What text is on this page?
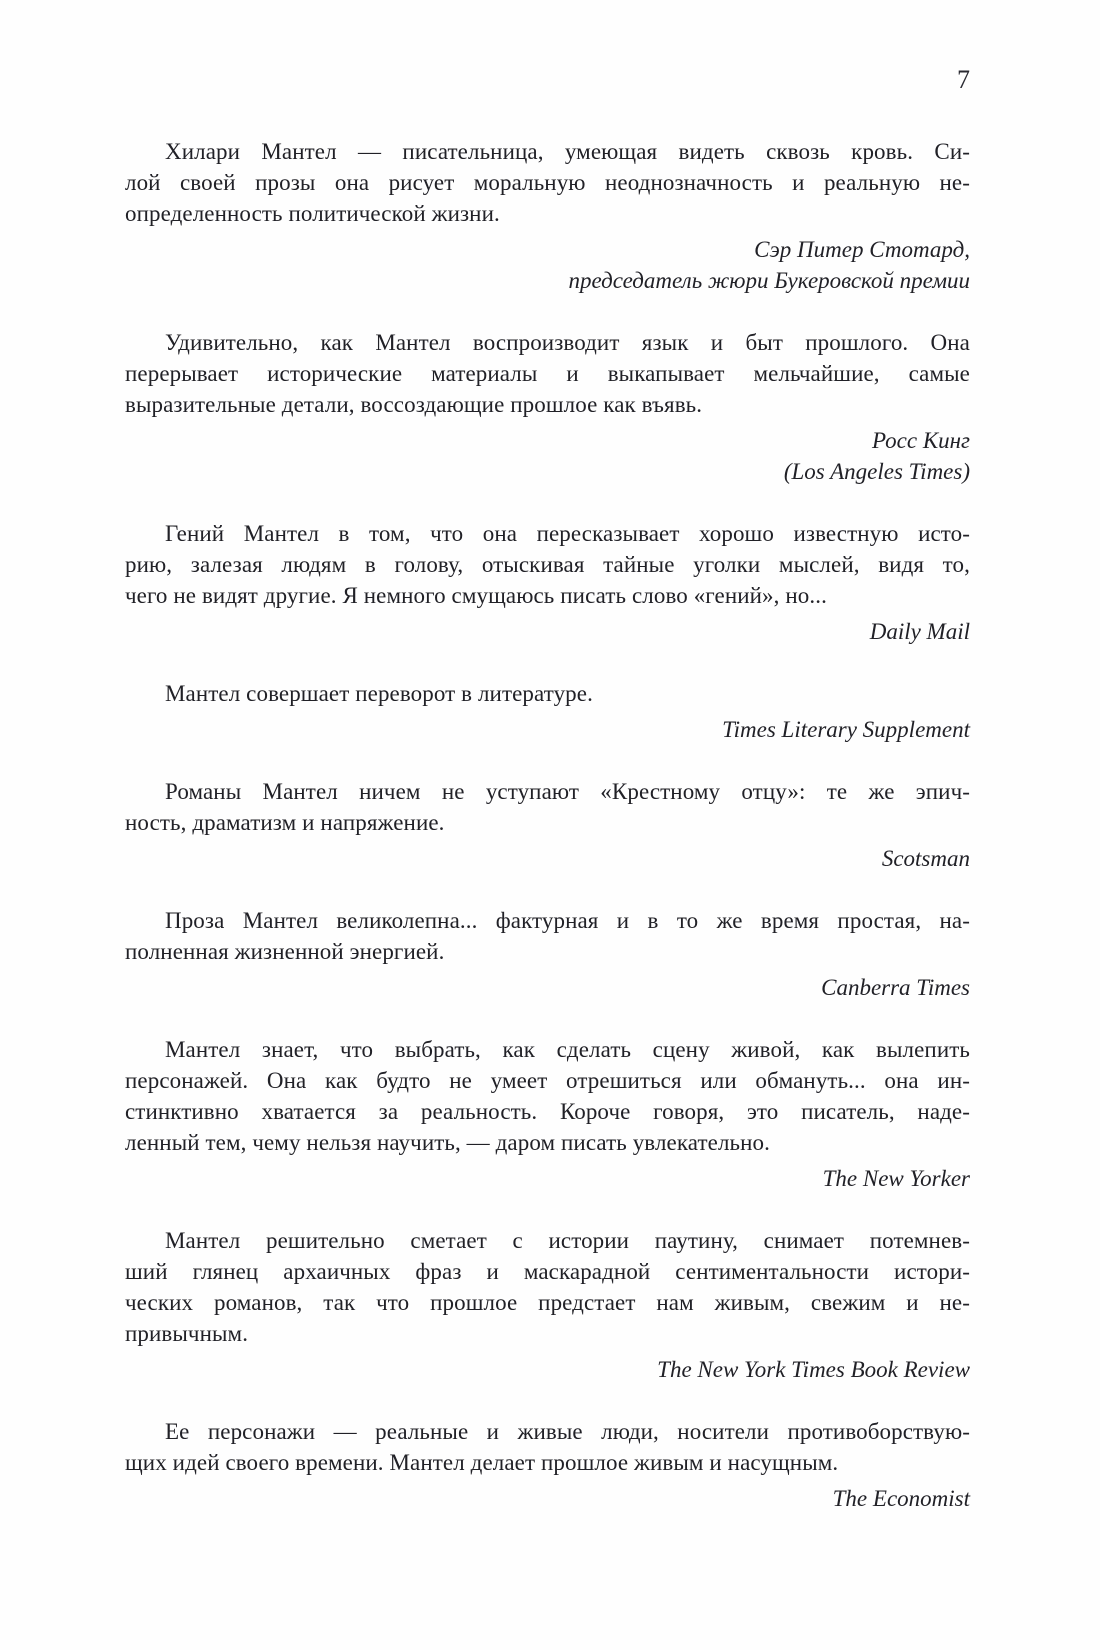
7
Хилари Мантел — писательница, умеющая видеть сквозь кровь. Си-
лой своей прозы она рисует моральную неоднозначность и реальную не-
определенность политической жизни.
Сэр Питер Стотард,
председатель жюри Букеровской премии
Удивительно, как Мантел воспроизводит язык и быт прошлого. Она
перерывает исторические материалы и выкапывает мельчайшие, самые
выразительные детали, воссоздающие прошлое как въявь.
Росс Кинг
(Los Angeles Times)
Гений Мантел в том, что она пересказывает хорошо известную исто-
рию, залезая людям в голову, отыскивая тайные уголки мыслей, видя то,
чего не видят другие. Я немного смущаюсь писать слово «гений», но...
Daily Mail
Мантел совершает переворот в литературе.
Times Literary Supplement
Романы Мантел ничем не уступают «Крестному отцу»: те же эпич-
ность, драматизм и напряжение.
Scotsman
Проза Мантел великолепна... фактурная и в то же время простая, на-
полненная жизненной энергией.
Canberra Times
Мантел знает, что выбрать, как сделать сцену живой, как вылепить
персонажей. Она как будто не умеет отрешиться или обмануть... она ин-
стинктивно хватается за реальность. Короче говоря, это писатель, наде-
ленный тем, чему нельзя научить, — даром писать увлекательно.
The New Yorker
Мантел решительно сметает с истории паутину, снимает потемнев-
ший глянец архаичных фраз и маскарадной сентиментальности истори-
ческих романов, так что прошлое предстает нам живым, свежим и не-
привычным.
The New York Times Book Review
Ее персонажи — реальные и живые люди, носители противоборствую-
щих идей своего времени. Мантел делает прошлое живым и насущным.
The Economist
